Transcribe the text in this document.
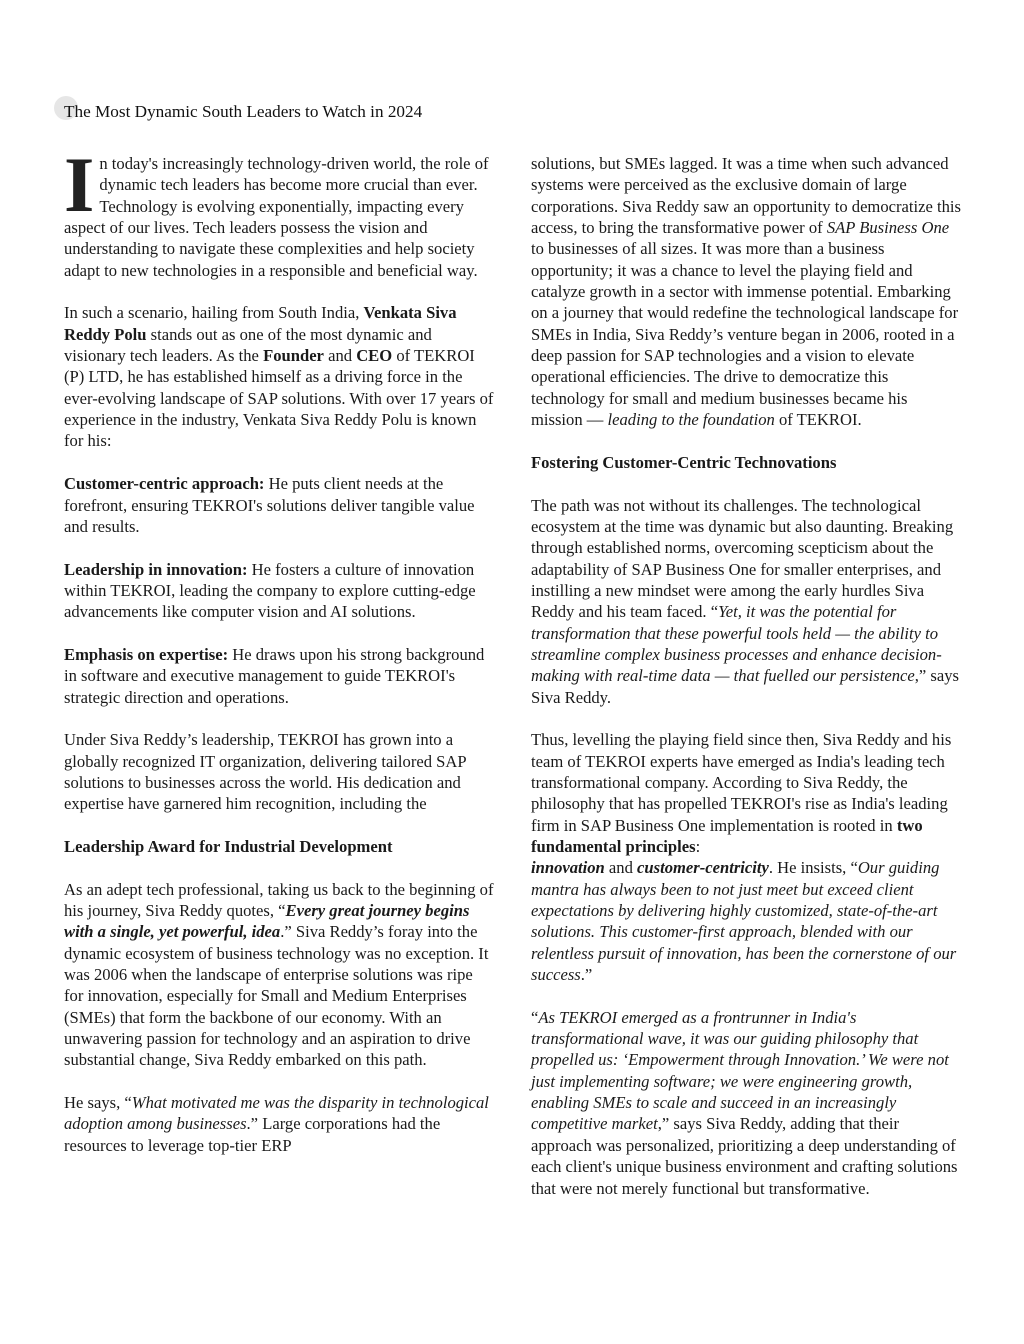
The Most Dynamic South Leaders to Watch in 2024

In today's increasingly technology-driven world, the role of dynamic tech leaders has become more crucial than ever. Technology is evolving exponentially, impacting every aspect of our lives. Tech leaders possess the vision and understanding to navigate these complexities and help society adapt to new technologies in a responsible and beneficial way.

In such a scenario, hailing from South India, Venkata Siva Reddy Polu stands out as one of the most dynamic and visionary tech leaders. As the Founder and CEO of TEKROI (P) LTD, he has established himself as a driving force in the ever-evolving landscape of SAP solutions. With over 17 years of experience in the industry, Venkata Siva Reddy Polu is known for his:

Customer-centric approach: He puts client needs at the forefront, ensuring TEKROI's solutions deliver tangible value and results.

Leadership in innovation: He fosters a culture of innovation within TEKROI, leading the company to explore cutting-edge advancements like computer vision and AI solutions.

Emphasis on expertise: He draws upon his strong background in software and executive management to guide TEKROI's strategic direction and operations.

Under Siva Reddy’s leadership, TEKROI has grown into a globally recognized IT organization, delivering tailored SAP solutions to businesses across the world. His dedication and expertise have garnered him recognition, including the

Leadership Award for Industrial Development

As an adept tech professional, taking us back to the beginning of his journey, Siva Reddy quotes, “Every great journey begins with a single, yet powerful, idea.” Siva Reddy’s foray into the dynamic ecosystem of business technology was no exception. It was 2006 when the landscape of enterprise solutions was ripe for innovation, especially for Small and Medium Enterprises (SMEs) that form the backbone of our economy. With an unwavering passion for technology and an aspiration to drive substantial change, Siva Reddy embarked on this path.

He says, “What motivated me was the disparity in technological adoption among businesses.” Large corporations had the resources to leverage top-tier ERP

solutions, but SMEs lagged. It was a time when such advanced systems were perceived as the exclusive domain of large corporations. Siva Reddy saw an opportunity to democratize this access, to bring the transformative power of SAP Business One to businesses of all sizes. It was more than a business opportunity; it was a chance to level the playing field and catalyze growth in a sector with immense potential. Embarking on a journey that would redefine the technological landscape for SMEs in India, Siva Reddy’s venture began in 2006, rooted in a deep passion for SAP technologies and a vision to elevate operational efficiencies. The drive to democratize this technology for small and medium businesses became his mission — leading to the foundation of TEKROI.

Fostering Customer-Centric Technovations

The path was not without its challenges. The technological ecosystem at the time was dynamic but also daunting. Breaking through established norms, overcoming scepticism about the adaptability of SAP Business One for smaller enterprises, and instilling a new mindset were among the early hurdles Siva Reddy and his team faced. “Yet, it was the potential for transformation that these powerful tools held — the ability to streamline complex business processes and enhance decision-making with real-time data — that fuelled our persistence,” says Siva Reddy.

Thus, levelling the playing field since then, Siva Reddy and his team of TEKROI experts have emerged as India's leading tech transformational company. According to Siva Reddy, the philosophy that has propelled TEKROI's rise as India's leading firm in SAP Business One implementation is rooted in two fundamental principles:
innovation and customer-centricity. He insists, “Our guiding mantra has always been to not just meet but exceed client expectations by delivering highly customized, state-of-the-art solutions. This customer-first approach, blended with our relentless pursuit of innovation, has been the cornerstone of our success.”

“As TEKROI emerged as a frontrunner in India's transformational wave, it was our guiding philosophy that propelled us: ‘Empowerment through Innovation.’ We were not just implementing software; we were engineering growth, enabling SMEs to scale and succeed in an increasingly competitive market,” says Siva Reddy, adding that their approach was personalized, prioritizing a deep understanding of each client's unique business environment and crafting solutions that were not merely functional but transformative.
